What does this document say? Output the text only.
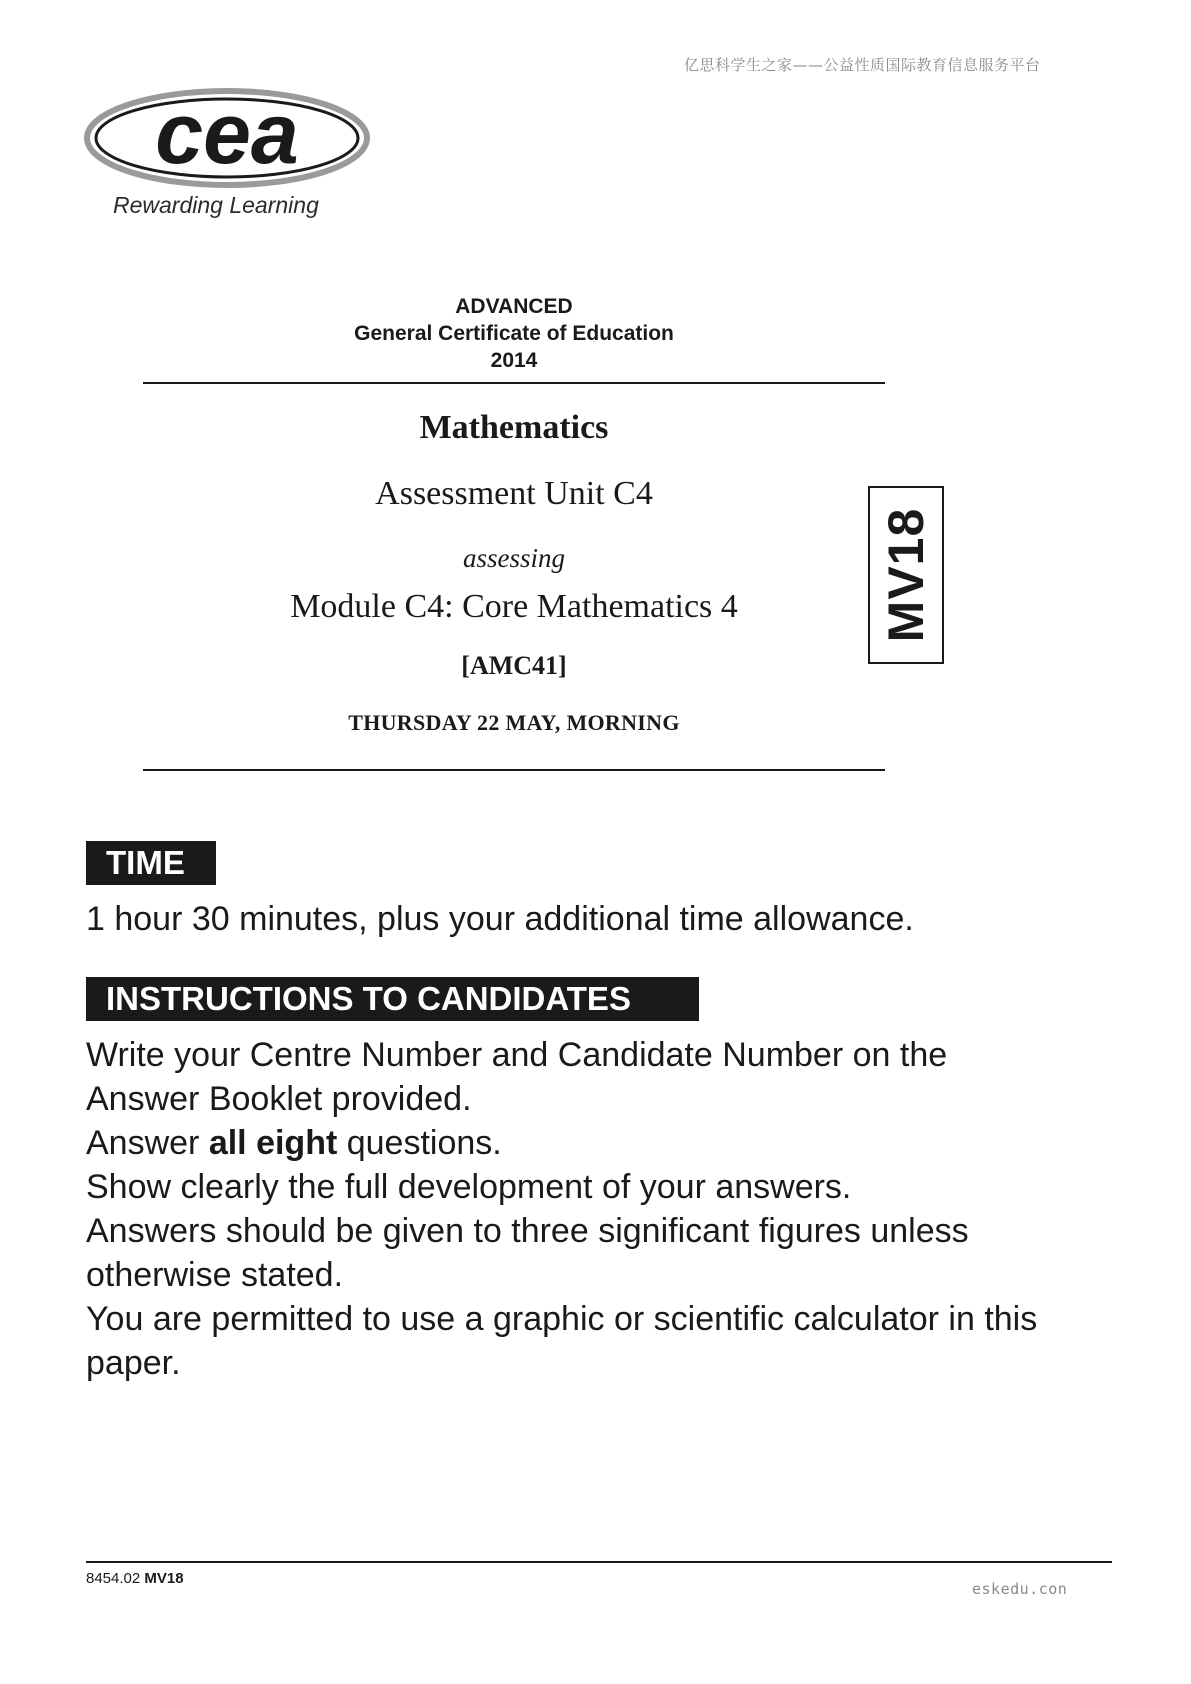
亿思科学生之家——公益性质国际教育信息服务平台
cea
Rewarding Learning
ADVANCED
General Certificate of Education
2014
Mathematics
Assessment Unit C4
assessing
Module C4: Core Mathematics 4
[AMC41]
THURSDAY 22 MAY, MORNING
MV18
TIME
1 hour 30 minutes, plus your additional time allowance.
INSTRUCTIONS TO CANDIDATES

Write your Centre Number and Candidate Number on the

Answer Booklet provided.

Answer all eight questions.

Show clearly the full development of your answers.

Answers should be given to three significant figures unless

otherwise stated.

You are permitted to use a graphic or scientific calculator in this

paper.

8454.02 MV18
eskedu.con
